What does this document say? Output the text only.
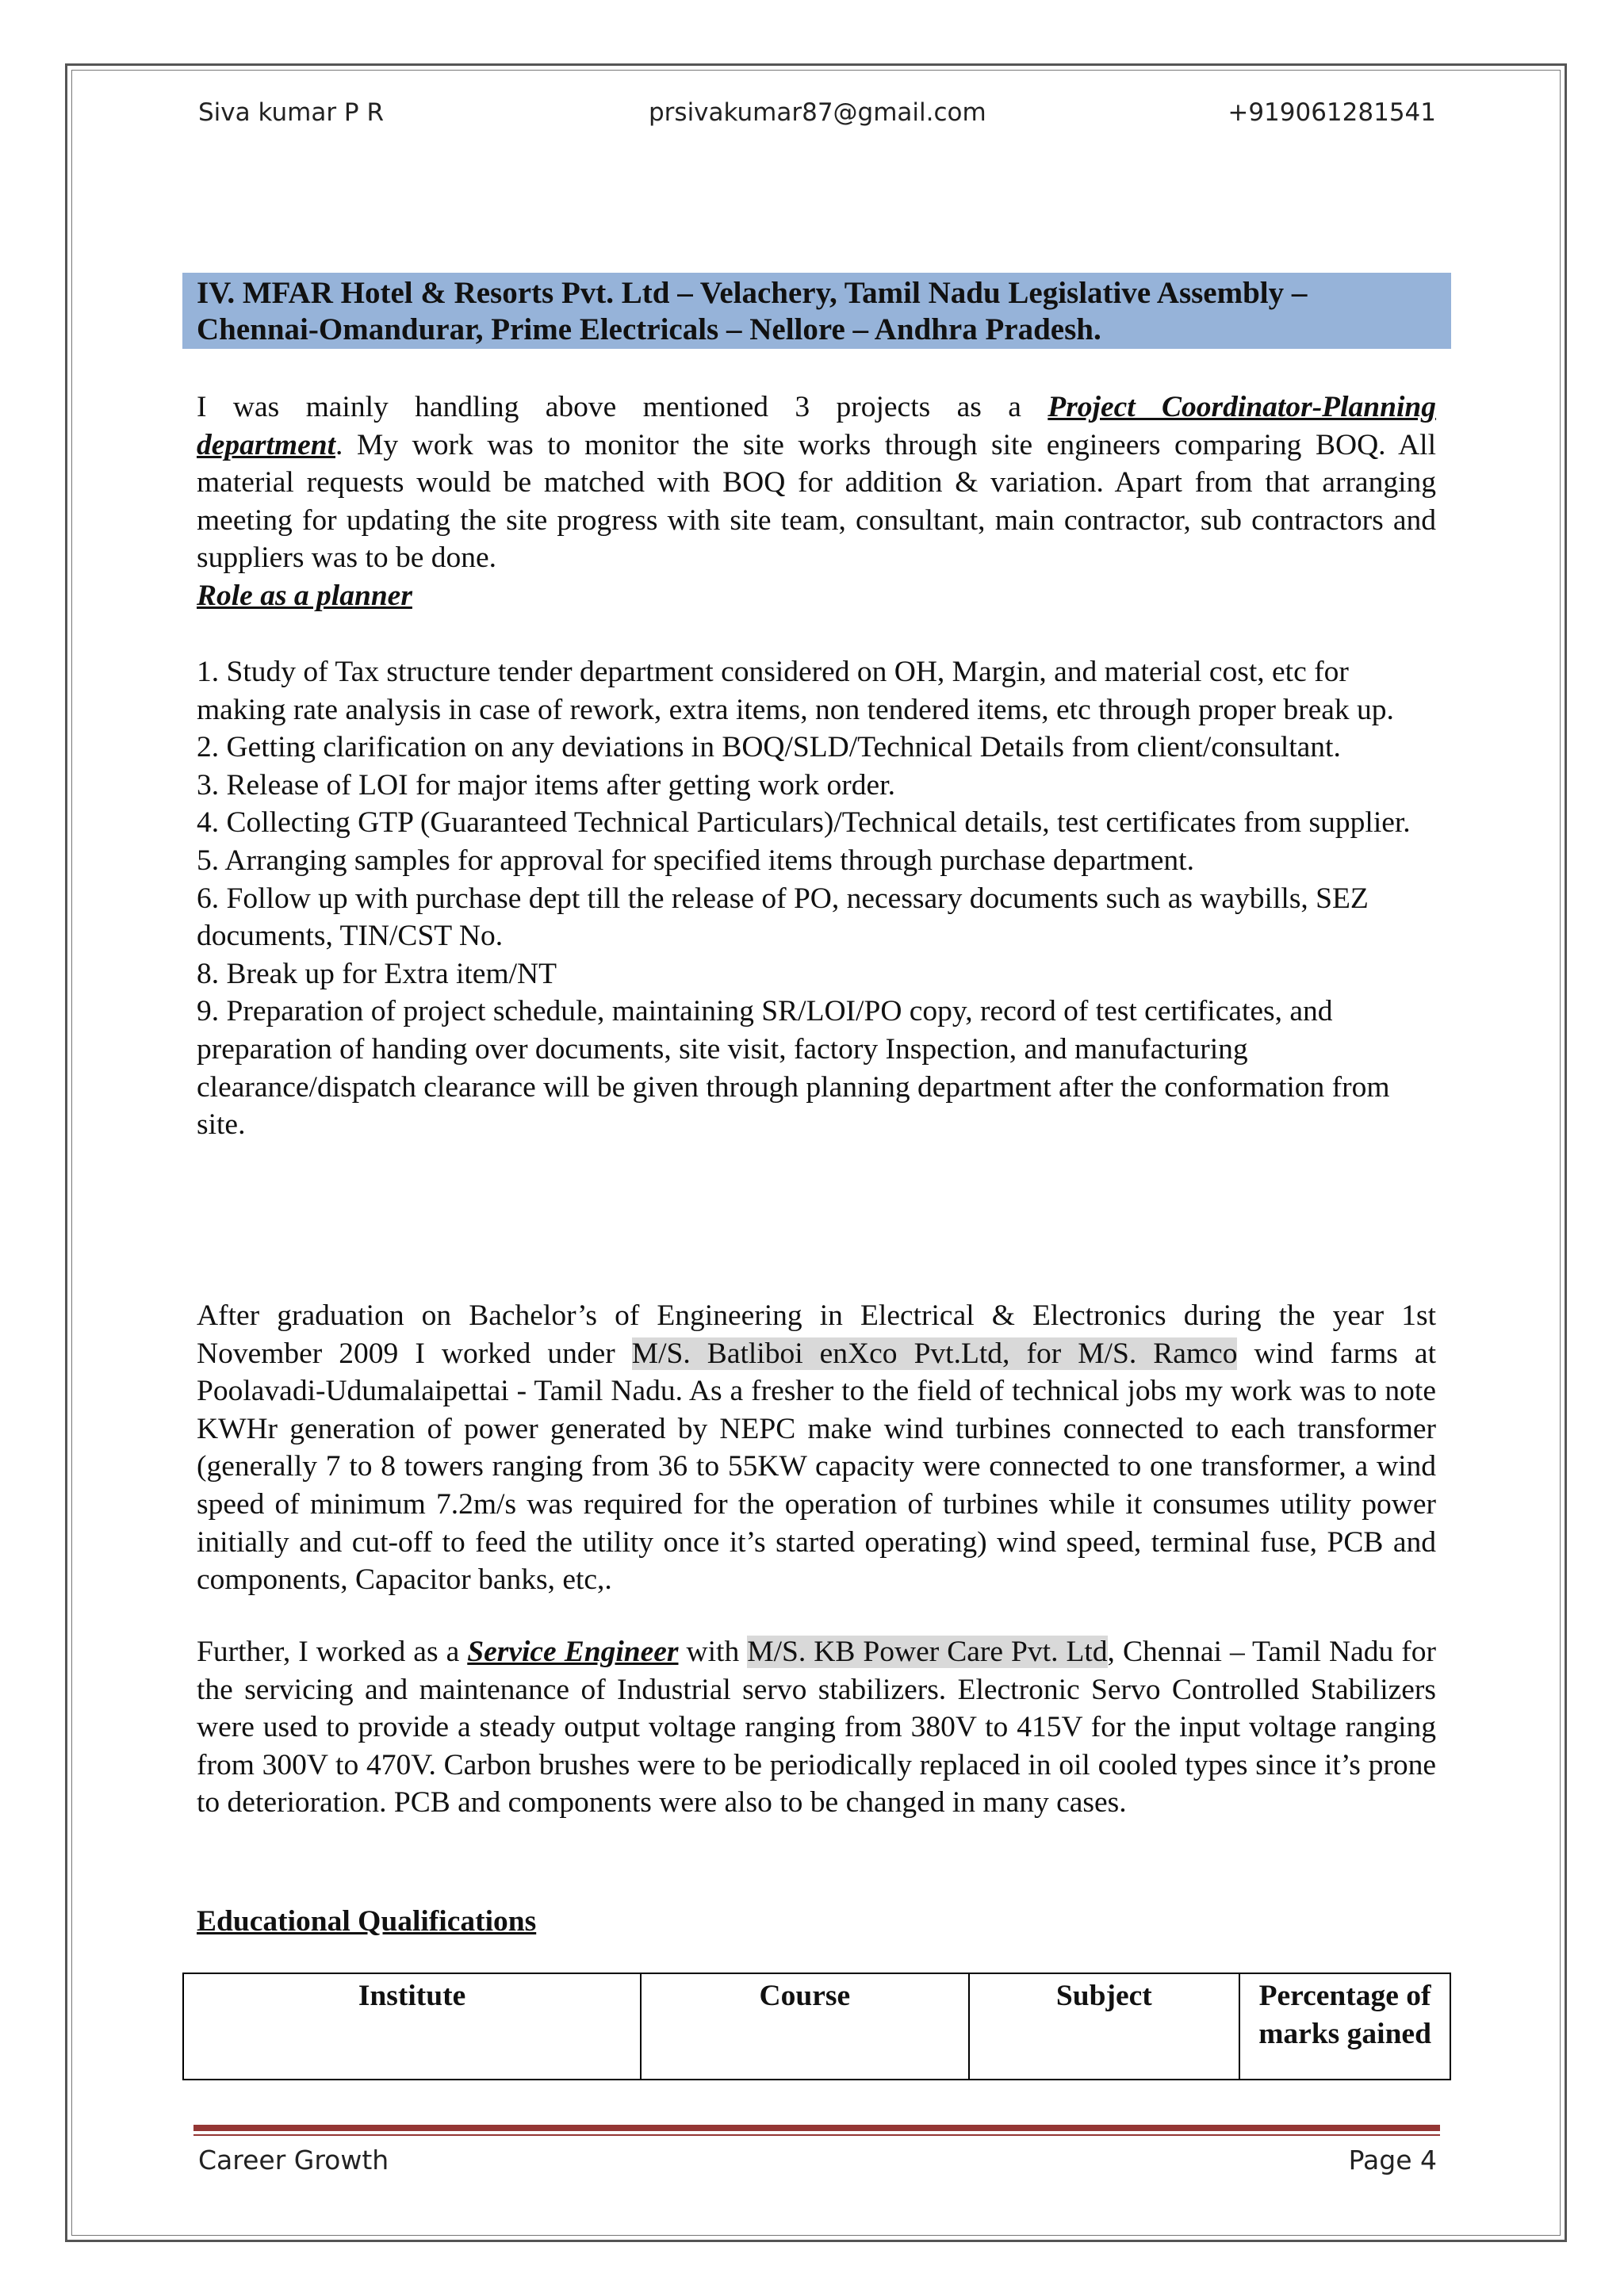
Siva kumar P R	prsivakumar87@gmail.com	+919061281541
IV. MFAR Hotel & Resorts Pvt. Ltd – Velachery, Tamil Nadu Legislative Assembly –
Chennai-Omandurar, Prime Electricals – Nellore – Andhra Pradesh.
I was mainly handling above mentioned 3 projects as a Project Coordinator-Planning

department. My work was to monitor the site works through site engineers comparing BOQ. All material requests would be matched with BOQ for addition & variation. Apart from that arranging meeting for updating the site progress with site team, consultant, main contractor, sub contractors and suppliers was to be done.

Role as a planner

1. Study of Tax structure tender department considered on OH, Margin, and material cost, etc for making rate analysis in case of rework, extra items, non tendered items, etc through proper break up.

2. Getting clarification on any deviations in BOQ/SLD/Technical Details from client/consultant.

3. Release of LOI for major items after getting work order.

4. Collecting GTP (Guaranteed Technical Particulars)/Technical details, test certificates from supplier.

5. Arranging samples for approval for specified items through purchase department.

6. Follow up with purchase dept till the release of PO, necessary documents such as waybills, SEZ documents, TIN/CST No.

8. Break up for Extra item/NT

9. Preparation of project schedule, maintaining SR/LOI/PO copy, record of test certificates, and preparation of handing over documents, site visit, factory Inspection, and manufacturing clearance/dispatch clearance will be given through planning department after the conformation from site.

After graduation on Bachelor’s of Engineering in Electrical & Electronics during the year 1st November 2009 I worked under M/S. Batliboi enXco Pvt.Ltd, for M/S. Ramco wind farms at Poolavadi-Udumalaipettai - Tamil Nadu. As a fresher to the field of technical jobs my work was to note KWHr generation of power generated by NEPC make wind turbines connected to each transformer (generally 7 to 8 towers ranging from 36 to 55KW capacity were connected to one transformer, a wind speed of minimum 7.2m/s was required for the operation of turbines while it consumes utility power initially and cut-off to feed the utility once it’s started operating) wind speed, terminal fuse, PCB and components, Capacitor banks, etc,.
Further, I worked as a Service Engineer with M/S. KB Power Care Pvt. Ltd, Chennai – Tamil Nadu for the servicing and maintenance of Industrial servo stabilizers. Electronic Servo Controlled Stabilizers were used to provide a steady output voltage ranging from 380V to 415V for the input voltage ranging from 300V to 470V. Carbon brushes were to be periodically replaced in oil cooled types since it’s prone to deterioration. PCB and components were also to be changed in many cases.
Educational Qualifications
Institute	Course	Subject	Percentage of marks gained
Career Growth	Page 4
